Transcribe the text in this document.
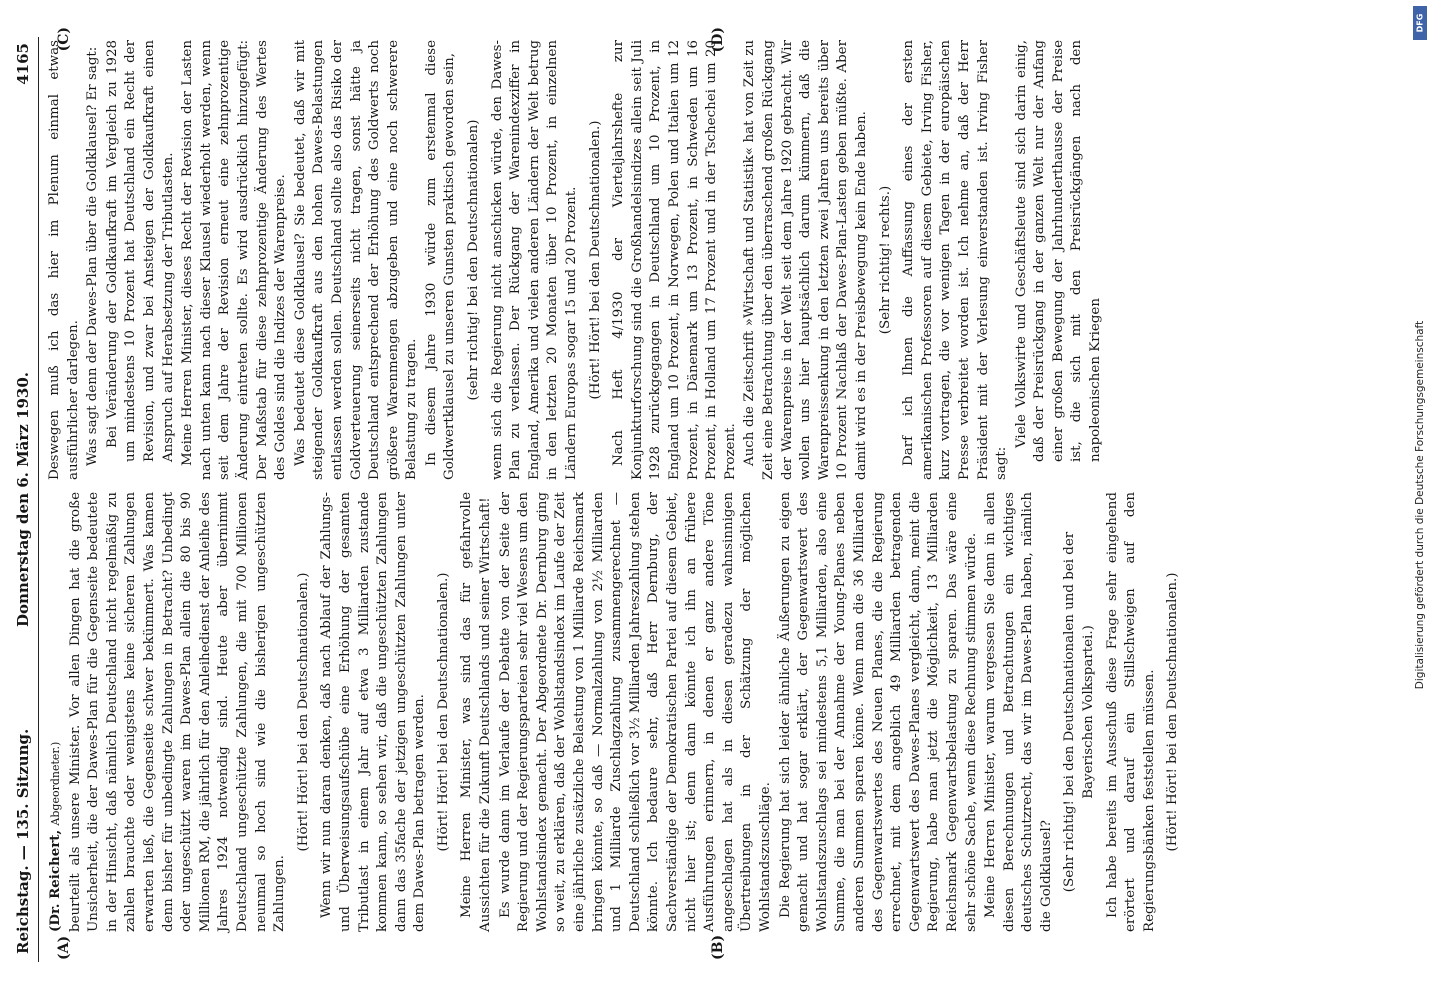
Reichstag. — 135. Sitzung.
Donnerstag den 6. März 1930.
4165
(A)	(B)
(C)	(D)

(Dr. Reichert, Abgeordneter.) beurteilt als unsere Minister. Vor allen Dingen hat die große Unsicherheit, die der Dawes-Plan für die Gegenseite bedeutete in der Hinsicht, daß nämlich Deutschland nicht regelmäßig zu zahlen brauchte oder wenigstens keine sicheren Zahlungen erwarten ließ, die Gegenseite schwer bekümmert. Was kamen denn bisher für unbedingte Zahlungen in Betracht? Unbedingt oder ungeschützt waren im Dawes-Plan allein die 80 bis 90 Millionen RM, die jährlich für den Anleihedienst der Anleihe des Jahres 1924 notwendig sind. Heute aber übernimmt Deutschland ungeschützte Zahlungen, die mit 700 Millionen neunmal so hoch sind wie die bisherigen ungeschützten Zahlungen.

(Hört! Hört! bei den Deutschnationalen.) Wenn wir nun daran denken, daß nach Ablauf der Zahlungs- und Überweisungsaufschübe eine Erhöhung der gesamten Tributlast in einem Jahr auf etwa 3 Milliarden zustande kommen kann, so sehen wir, daß die ungeschützten Zahlungen dann das 35fache der jetzigen ungeschützten Zahlungen unter dem Dawes-Plan betragen werden. (Hört! Hört! bei den Deutschnationalen.) Meine Herren Minister, was sind das für gefahrvolle Aussichten für die Zukunft Deutschlands und seiner Wirtschaft! Es wurde dann im Verlaufe der Debatte von der Seite der Regierung und der Regierungsparteien sehr viel Wesens um den Wohlstandsindex gemacht. Der Abgeordnete Dr. Dernburg ging so weit, zu erklären, daß der Wohlstandsindex im Laufe der Zeit eine jährliche zusätzliche Belastung von 1 Milliarde Reichsmark bringen könnte, so daß — Normalzahlung von 2½ Milliarden und 1 Milliarde Zuschlagzahlung zusammengerechnet — Deutschland schließlich vor 3½ Milliarden Jahreszahlung stehen könnte. Ich bedaure sehr, daß Herr Dernburg, der Sachverständige der Demokratischen Partei auf diesem Gebiet, nicht hier ist; denn dann könnte ich ihn an frühere Ausführungen erinnern, in denen er ganz andere Töne angeschlagen hat als in diesen geradezu wahnsinnigen Übertreibungen in der Schätzung der möglichen Wohlstandszuschläge. Die Regierung hat sich leider ähnliche Äußerungen zu eigen gemacht und hat sogar erklärt, der Gegenwartswert des Wohlstandszuschlags sei mindestens 5,1 Milliarden, also eine Summe, die man bei der Annahme der Young-Planes neben anderen Summen sparen könne. Wenn man die 36 Milliarden des Gegenwartswertes des Neuen Planes, die die Regierung errechnet, mit dem angeblich 49 Milliarden betragenden Gegenwartswert des Dawes-Planes vergleicht, dann, meint die Regierung, habe man jetzt die Möglichkeit, 13 Milliarden Reichsmark Gegenwartsbelastung zu sparen. Das wäre eine sehr schöne Sache, wenn diese Rechnung stimmen würde. Meine Herren Minister, warum vergessen Sie denn in allen diesen Berechnungen und Betrachtungen ein wichtiges deutsches Schutzrecht, das wir im Dawes-Plan haben, nämlich die Goldklausel? (Sehr richtig! bei den Deutschnationalen und bei der Bayerischen Volkspartei.) Ich habe bereits im Ausschuß diese Frage sehr eingehend erörtert und darauf ein Stillschweigen auf den Regierungsbänken feststellen müssen. (Hört! Hört! bei den Deutschnationalen.)

Deswegen muß ich das hier im Plenum einmal etwas ausführlicher darlegen. Was sagt denn der Dawes-Plan über die Goldklausel? Er sagt: Bei Veränderung der Goldkaufkraft im Vergleich zu 1928 um mindestens 10 Prozent hat Deutschland ein Recht der Revision, und zwar bei Ansteigen der Goldkaufkraft einen Anspruch auf Herabsetzung der Tributlasten. Meine Herren Minister, dieses Recht der Revision der Lasten nach unten kann nach dieser Klausel wiederholt werden, wenn seit dem Jahre der Revision erneut eine zehnprozentige Änderung eintreten sollte. Es wird ausdrücklich hinzugefügt: Der Maßstab für diese zehnprozentige Änderung des Wertes des Goldes sind die Indizes der Warenpreise. Was bedeutet diese Goldklausel? Sie bedeutet, daß wir mit steigender Goldkaufkraft aus den hohen Dawes-Belastungen entlassen werden sollen. Deutschland sollte also das Risiko der Goldverteuerung seinerseits nicht tragen, sonst hätte ja Deutschland entsprechend der Erhöhung des Goldwerts noch größere Warenmengen abzugeben und eine noch schwerere Belastung zu tragen. In diesem Jahre 1930 würde zum erstenmal diese Goldwertklausel zu unseren Gunsten praktisch geworden sein, (sehr richtig! bei den Deutschnationalen) wenn sich die Regierung nicht anschicken würde, den Dawes-Plan zu verlassen. Der Rückgang der Warenindexziffer in England, Amerika und vielen anderen Ländern der Welt betrug in den letzten 20 Monaten über 10 Prozent, in einzelnen Ländern Europas sogar 15 und 20 Prozent. (Hört! Hört! bei den Deutschnationalen.) Nach Heft 4/1930 der Vierteljahrshefte zur Konjunkturforschung sind die Großhandelsindizes allein seit Juli 1928 zurückgegangen in Deutschland um 10 Prozent, in England um 10 Prozent, in Norwegen, Polen und Italien um 12 Prozent, in Dänemark um 13 Prozent, in Schweden um 16 Prozent, in Holland um 17 Prozent und in der Tschechei um 20 Prozent. Auch die Zeitschrift »Wirtschaft und Statistik« hat von Zeit zu Zeit eine Betrachtung über den überraschend großen Rückgang der Warenpreise in der Welt seit dem Jahre 1920 gebracht. Wir wollen uns hier hauptsächlich darum kümmern, daß die Warenpreissenkung in den letzten zwei Jahren uns bereits über 10 Prozent Nachlaß der Dawes-Plan-Lasten geben müßte. Aber damit wird es in der Preisbewegung kein Ende haben. (Sehr richtig! rechts.) Darf ich Ihnen die Auffassung eines der ersten amerikanischen Professoren auf diesem Gebiete, Irving Fisher, kurz vortragen, die vor wenigen Tagen in der europäischen Presse verbreitet worden ist. Ich nehme an, daß der Herr Präsident mit der Verlesung einverstanden ist. Irving Fisher sagt:

Viele Volkswirte und Geschäftsleute sind sich darin einig, daß der Preisrückgang in der ganzen Welt nur der Anfang einer großen Bewegung der Jahrhunderthausse der Preise ist, die sich mit den Preisrückgängen nach den napoleonischen Kriegen

DFG
Digitalisierung gefördert durch die Deutsche Forschungsgemeinschaft
